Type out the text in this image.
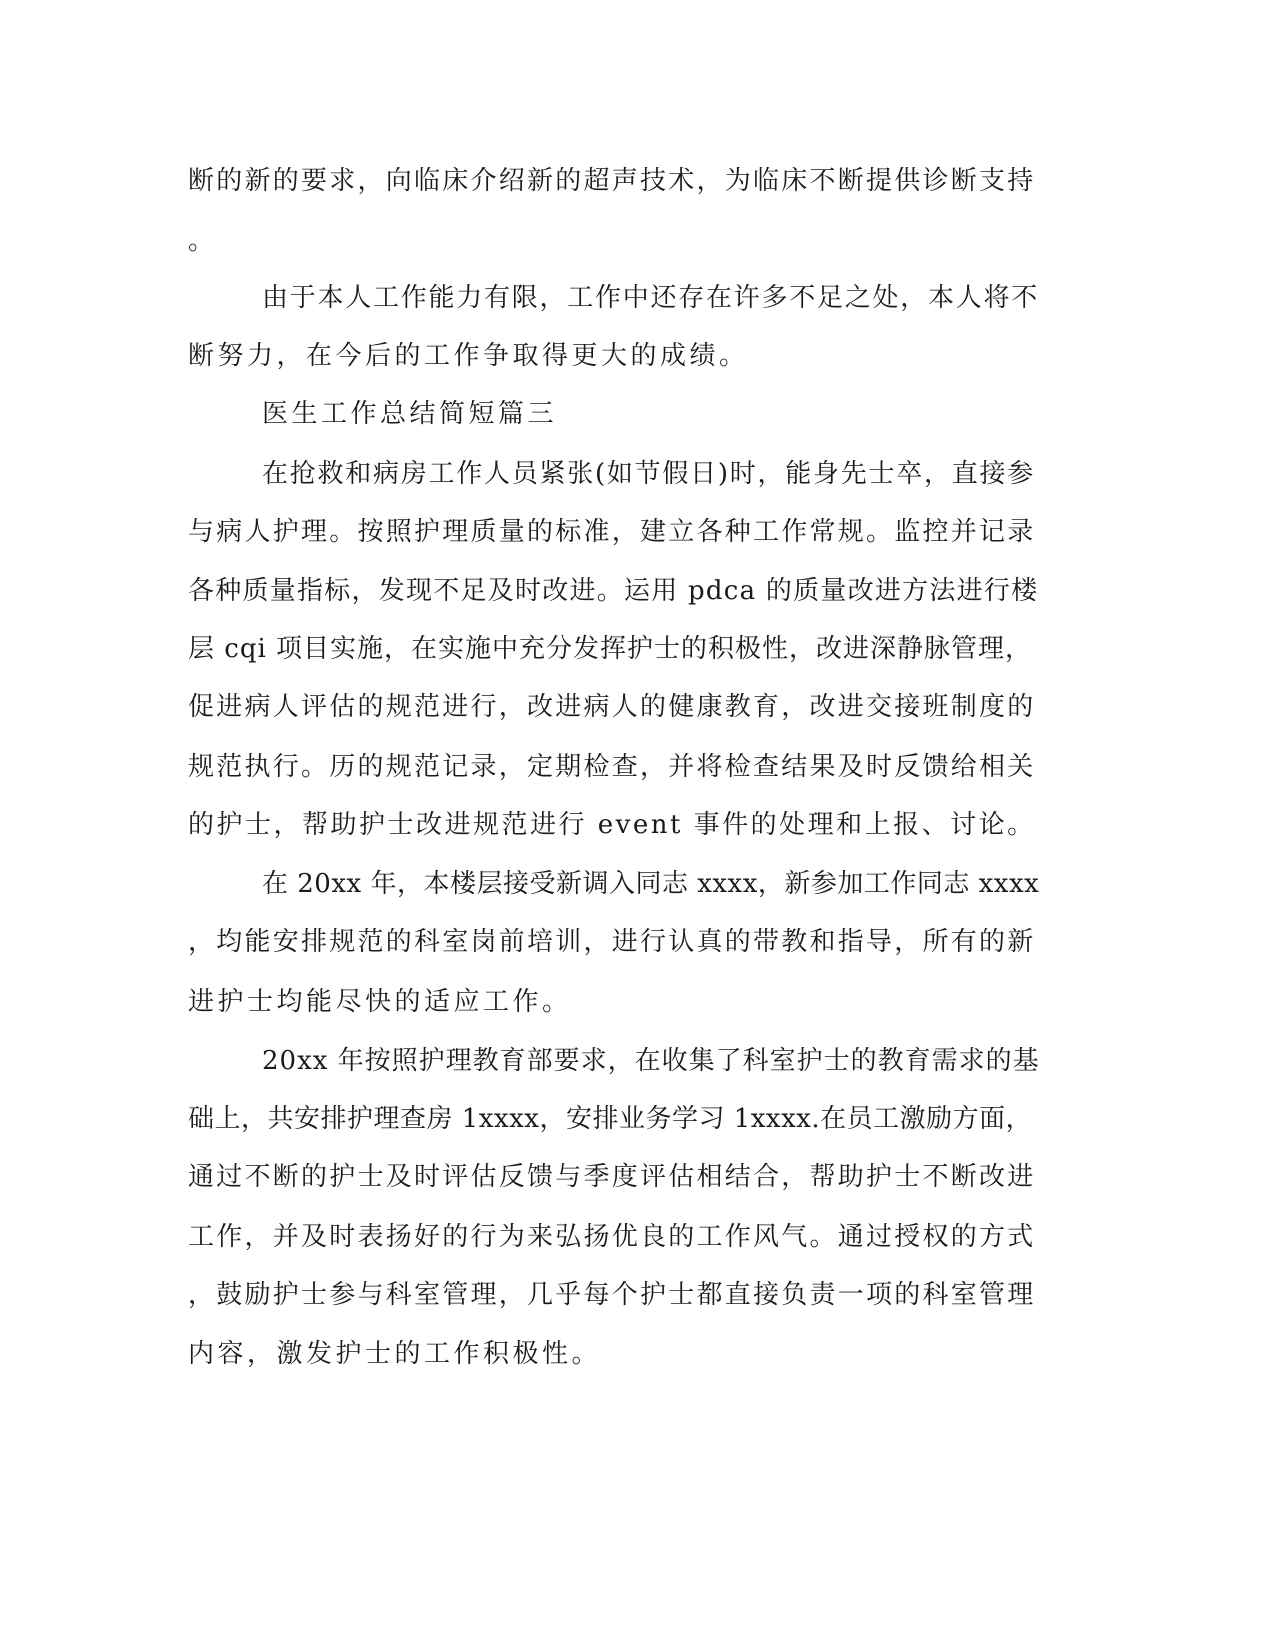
断的新的要求，向临床介绍新的超声技术，为临床不断提供诊断支持
。
由于本人工作能力有限，工作中还存在许多不足之处，本人将不
断努力，在今后的工作争取得更大的成绩。
医生工作总结简短篇三
在抢救和病房工作人员紧张(如节假日)时，能身先士卒，直接参
与病人护理。按照护理质量的标准，建立各种工作常规。监控并记录
各种质量指标，发现不足及时改进。运用 pdca 的质量改进方法进行楼
层 cqi 项目实施，在实施中充分发挥护士的积极性，改进深静脉管理，
促进病人评估的规范进行，改进病人的健康教育，改进交接班制度的
规范执行。历的规范记录，定期检查，并将检查结果及时反馈给相关
的护士，帮助护士改进规范进行 event 事件的处理和上报、讨论。
在 20xx 年，本楼层接受新调入同志 xxxx，新参加工作同志 xxxx
，均能安排规范的科室岗前培训，进行认真的带教和指导，所有的新
进护士均能尽快的适应工作。
20xx 年按照护理教育部要求，在收集了科室护士的教育需求的基
础上，共安排护理查房 1xxxx，安排业务学习 1xxxx.在员工激励方面，
通过不断的护士及时评估反馈与季度评估相结合，帮助护士不断改进
工作，并及时表扬好的行为来弘扬优良的工作风气。通过授权的方式
，鼓励护士参与科室管理，几乎每个护士都直接负责一项的科室管理
内容，激发护士的工作积极性。
